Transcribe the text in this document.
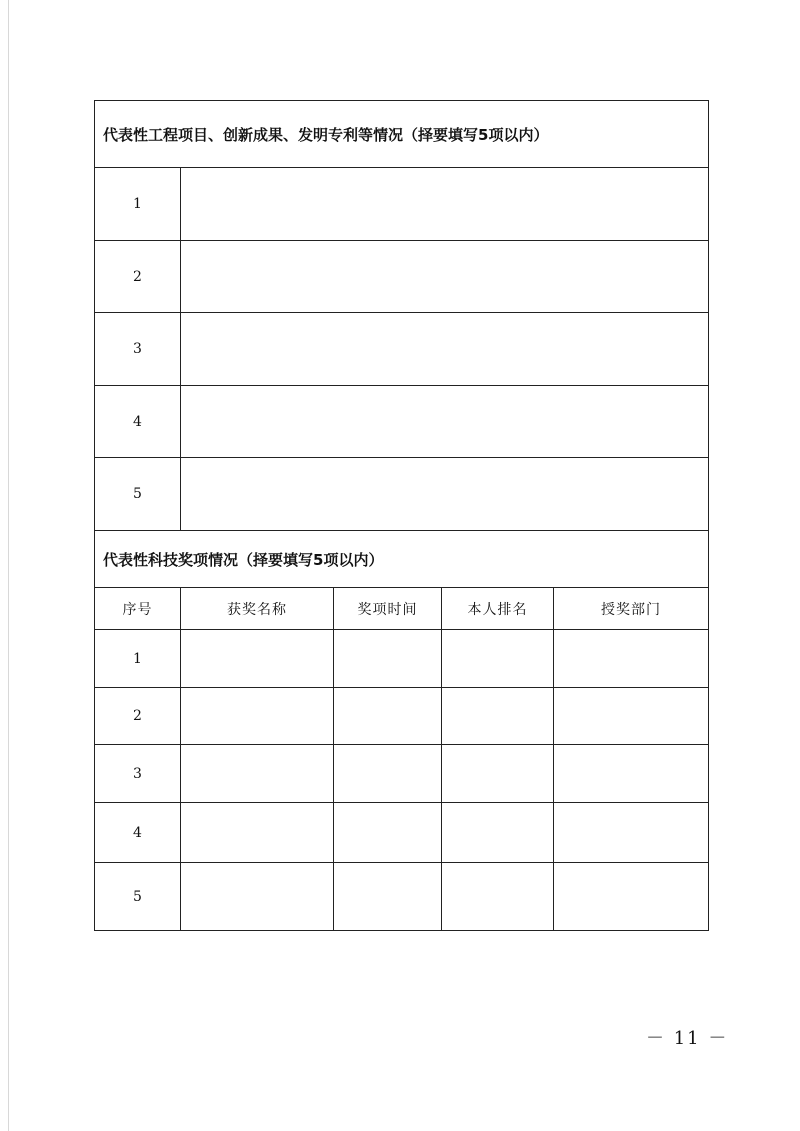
代表性工程项目、创新成果、发明专利等情况（择要填写5项以内）				
1				
2				
3				
4				
5				
代表性科技奖项情况（择要填写5项以内）				
序号	获奖名称	奖项时间	本人排名	授奖部门
1				
2				
3				
4				
5				
－ 11 －
